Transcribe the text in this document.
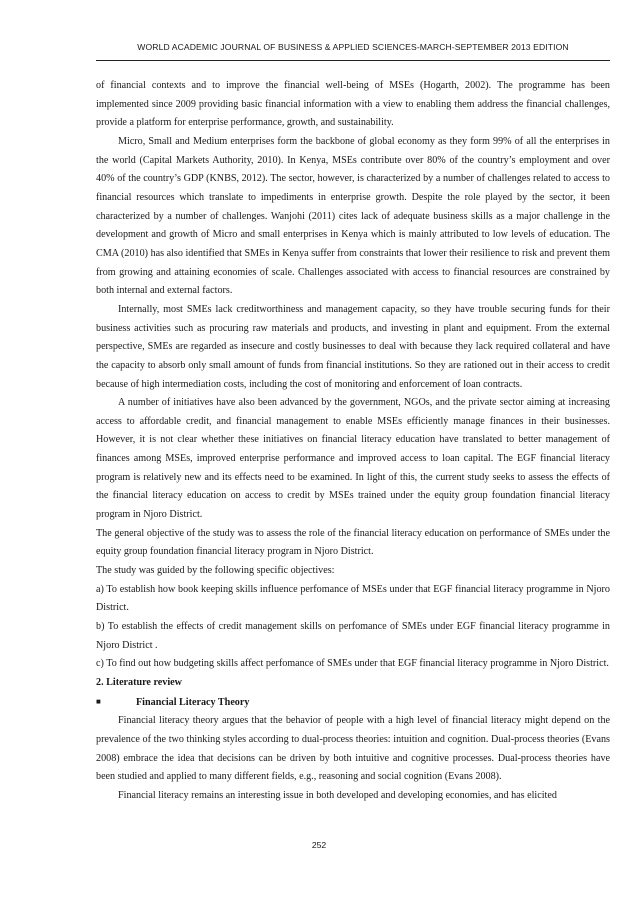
WORLD ACADEMIC JOURNAL OF BUSINESS & APPLIED SCIENCES-MARCH-SEPTEMBER 2013 EDITION

of financial contexts and to improve the financial well-being of MSEs (Hogarth, 2002). The programme has been implemented since 2009 providing basic financial information with a view to enabling them address the financial challenges, provide a platform for enterprise performance, growth, and sustainability.

Micro, Small and Medium enterprises form the backbone of global economy as they form 99% of all the enterprises in the world (Capital Markets Authority, 2010). In Kenya, MSEs contribute over 80% of the country’s employment and over 40% of the country’s GDP (KNBS, 2012). The sector, however, is characterized by a number of challenges related to access to financial resources which translate to impediments in enterprise growth. Despite the role played by the sector, it been characterized by a number of challenges. Wanjohi (2011) cites lack of adequate business skills as a major challenge in the development and growth of Micro and small enterprises in Kenya which is mainly attributed to low levels of education. The CMA (2010) has also identified that SMEs in Kenya suffer from constraints that lower their resilience to risk and prevent them from growing and attaining economies of scale. Challenges associated with access to financial resources are constrained by both internal and external factors.

Internally, most SMEs lack creditworthiness and management capacity, so they have trouble securing funds for their business activities such as procuring raw materials and products, and investing in plant and equipment. From the external perspective, SMEs are regarded as insecure and costly businesses to deal with because they lack required collateral and have the capacity to absorb only small amount of funds from financial institutions. So they are rationed out in their access to credit because of high intermediation costs, including the cost of monitoring and enforcement of loan contracts.

A number of initiatives have also been advanced by the government, NGOs, and the private sector aiming at increasing access to affordable credit, and financial management to enable MSEs efficiently manage finances in their businesses. However, it is not clear whether these initiatives on financial literacy education have translated to better management of finances among MSEs, improved enterprise performance and improved access to loan capital. The EGF financial literacy program is relatively new and its effects need to be examined. In light of this, the current study seeks to assess the effects of the financial literacy education on access to credit by MSEs trained under the equity group foundation financial literacy program in Njoro District.

The general objective of the study was to assess the role of the financial literacy education on performance of SMEs under the equity group foundation financial literacy program in Njoro District.

The study was guided by the following specific objectives:

a) To establish how book keeping skills influence perfomance of MSEs under that EGF financial literacy programme in Njoro District.

b) To establish the effects of credit management skills on perfomance of SMEs under EGF financial literacy programme in Njoro District .

c) To find out how budgeting skills affect perfomance of SMEs under that EGF financial literacy programme in Njoro District.

2. Literature review

■	Financial Literacy Theory

Financial literacy theory argues that the behavior of people with a high level of financial literacy might depend on the prevalence of the two thinking styles according to dual-process theories: intuition and cognition. Dual-process theories (Evans 2008) embrace the idea that decisions can be driven by both intuitive and cognitive processes. Dual-process theories have been studied and applied to many different fields, e.g., reasoning and social cognition (Evans 2008).

Financial literacy remains an interesting issue in both developed and developing economies, and has elicited

252
